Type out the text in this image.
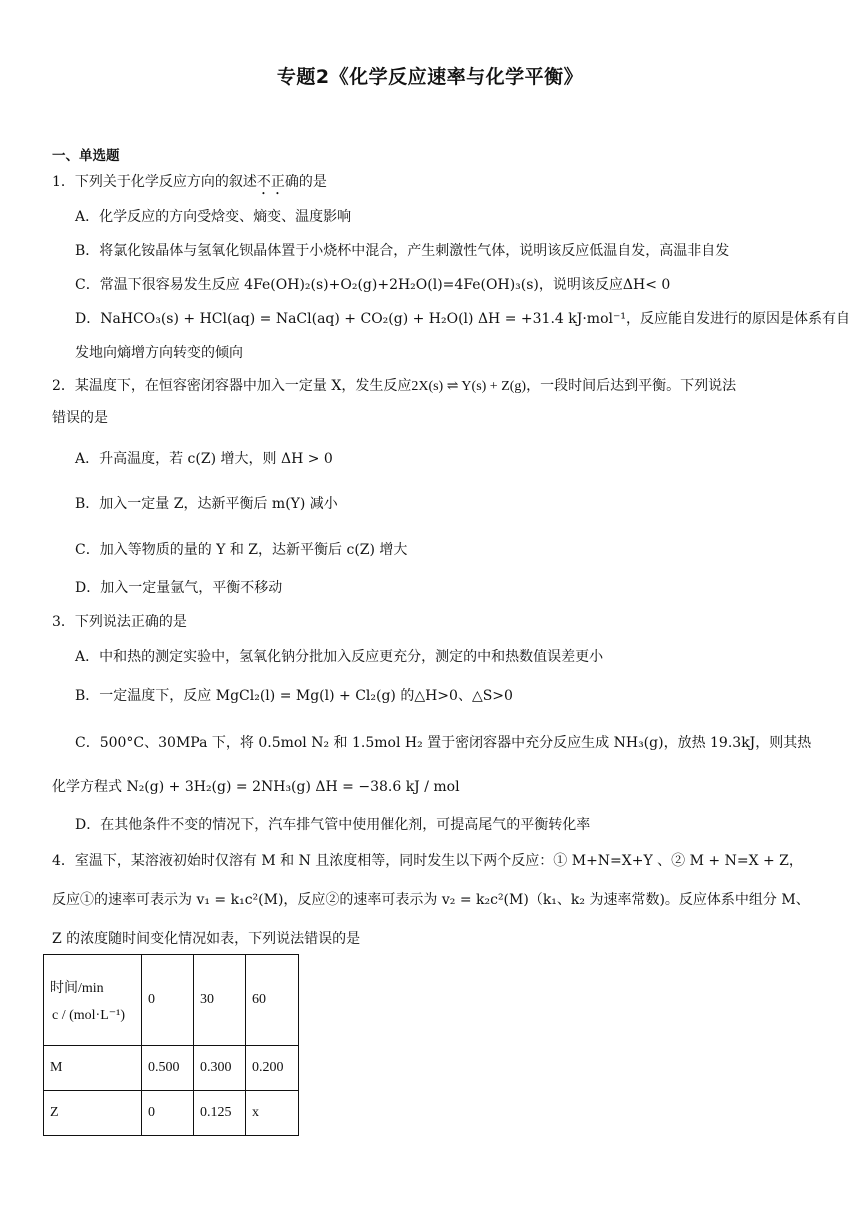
专题2《化学反应速率与化学平衡》
一、单选题
1．下列关于化学反应方向的叙述不正确的是
A．化学反应的方向受焓变、熵变、温度影响
B．将氯化铵晶体与氢氧化钡晶体置于小烧杯中混合，产生刺激性气体，说明该反应低温自发，高温非自发
C．常温下很容易发生反应 4Fe(OH)₂(s)+O₂(g)+2H₂O(l)=4Fe(OH)₃(s)，说明该反应ΔH< 0
D．NaHCO₃(s) + HCl(aq) = NaCl(aq) + CO₂(g) + H₂O(l) ΔH = +31.4 kJ·mol⁻¹，反应能自发进行的原因是体系有自
发地向熵增方向转变的倾向
2．某温度下，在恒容密闭容器中加入一定量 X，发生反应2X(s) ⇌ Y(s) + Z(g)，一段时间后达到平衡。下列说法
错误的是
A．升高温度，若 c(Z) 增大，则 ΔH > 0
B．加入一定量 Z，达新平衡后 m(Y) 减小
C．加入等物质的量的 Y 和 Z，达新平衡后 c(Z) 增大
D．加入一定量氩气，平衡不移动
3．下列说法正确的是
A．中和热的测定实验中，氢氧化钠分批加入反应更充分，测定的中和热数值误差更小
B．一定温度下，反应 MgCl₂(l) = Mg(l) + Cl₂(g) 的△H>0、△S>0
C．500°C、30MPa 下，将 0.5mol N₂ 和 1.5mol H₂ 置于密闭容器中充分反应生成 NH₃(g)，放热 19.3kJ，则其热
化学方程式 N₂(g) + 3H₂(g) = 2NH₃(g) ΔH = −38.6 kJ / mol
D．在其他条件不变的情况下，汽车排气管中使用催化剂，可提高尾气的平衡转化率
4．室温下，某溶液初始时仅溶有 M 和 N 且浓度相等，同时发生以下两个反应：① M+N=X+Y 、② M + N=X + Z，
反应①的速率可表示为 v₁ = k₁c²(M)，反应②的速率可表示为 v₂ = k₂c²(M)（k₁、k₂ 为速率常数)。反应体系中组分 M、
Z 的浓度随时间变化情况如表，下列说法错误的是
时间/min
c / (mol·L⁻¹)	0	30	60
M	0.500	0.300	0.200
Z	0	0.125	x
